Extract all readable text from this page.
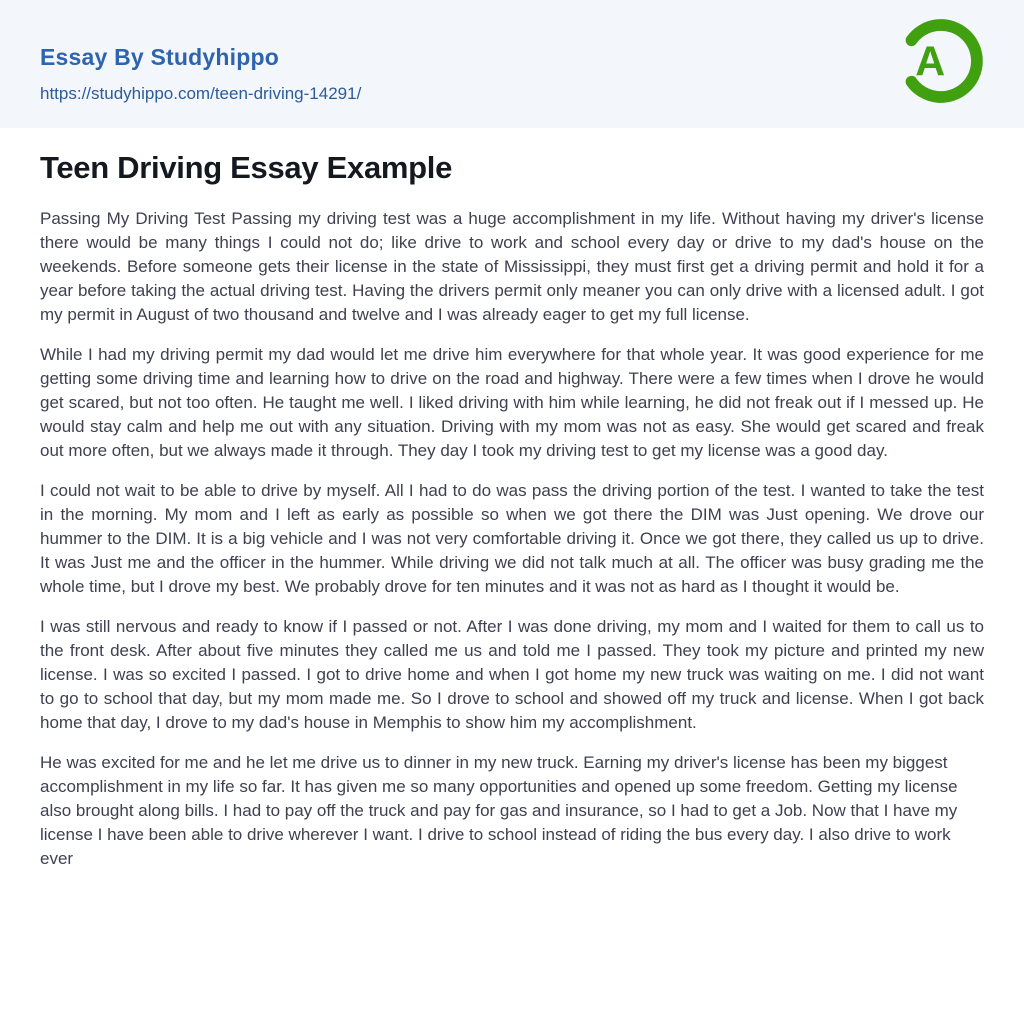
Essay By Studyhippo
https://studyhippo.com/teen-driving-14291/
A
Teen Driving Essay Example

Passing My Driving Test Passing my driving test was a huge accomplishment in my life. Without having my driver's license there would be many things I could not do; like drive to work and school every day or drive to my dad's house on the weekends. Before someone gets their license in the state of Mississippi, they must first get a driving permit and hold it for a year before taking the actual driving test. Having the drivers permit only meaner you can only drive with a licensed adult. I got my permit in August of two thousand and twelve and I was already eager to get my full license.

While I had my driving permit my dad would let me drive him everywhere for that whole year. It was good experience for me getting some driving time and learning how to drive on the road and highway. There were a few times when I drove he would get scared, but not too often. He taught me well. I liked driving with him while learning, he did not freak out if I messed up. He would stay calm and help me out with any situation. Driving with my mom was not as easy. She would get scared and freak out more often, but we always made it through. They day I took my driving test to get my license was a good day.

I could not wait to be able to drive by myself. All I had to do was pass the driving portion of the test. I wanted to take the test in the morning. My mom and I left as early as possible so when we got there the DIM was Just opening. We drove our hummer to the DIM. It is a big vehicle and I was not very comfortable driving it. Once we got there, they called us up to drive. It was Just me and the officer in the hummer. While driving we did not talk much at all. The officer was busy grading me the whole time, but I drove my best. We probably drove for ten minutes and it was not as hard as I thought it would be.

I was still nervous and ready to know if I passed or not. After I was done driving, my mom and I waited for them to call us to the front desk. After about five minutes they called me us and told me I passed. They took my picture and printed my new license. I was so excited I passed. I got to drive home and when I got home my new truck was waiting on me. I did not want to go to school that day, but my mom made me. So I drove to school and showed off my truck and license. When I got back home that day, I drove to my dad's house in Memphis to show him my accomplishment.

He was excited for me and he let me drive us to dinner in my new truck. Earning my driver's license has been my biggest accomplishment in my life so far. It has given me so many opportunities and opened up some freedom. Getting my license also brought along bills. I had to pay off the truck and pay for gas and insurance, so I had to get a Job. Now that I have my license I have been able to drive wherever I want. I drive to school instead of riding the bus every day. I also drive to work ever
